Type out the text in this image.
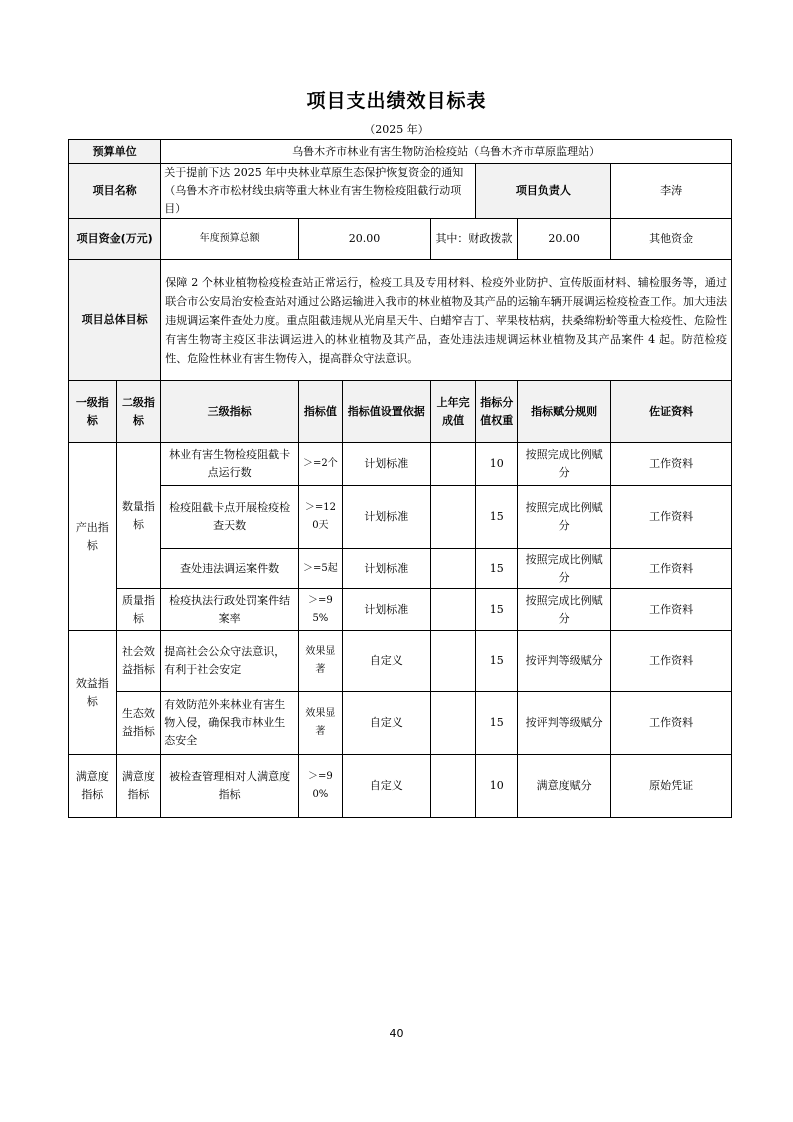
项目支出绩效目标表
（2025 年）
预算单位		乌鲁木齐市林业有害生物防治检疫站（乌鲁木齐市草原监理站）						
项目名称		关于提前下达 2025 年中央林业草原生态保护恢复资金的通知（乌鲁木齐市松材线虫病等重大林业有害生物检疫阻截行动项目）				项目负责人		李涛
项目资金(万元)		年度预算总额	20.00		其中：财政拨款		20.00	其他资金
项目总体目标		保障 2 个林业植物检疫检查站正常运行，检疫工具及专用材料、检疫外业防护、宣传版面材料、辅检服务等，通过联合市公安局治安检查站对通过公路运输进入我市的林业植物及其产品的运输车辆开展调运检疫检查工作。加大违法违规调运案件查处力度。重点阻截违规从光肩星天牛、白蜡窄吉丁、苹果枝枯病，扶桑绵粉蚧等重大检疫性、危险性有害生物寄主疫区非法调运进入的林业植物及其产品，查处违法违规调运林业植物及其产品案件 4 起。防范检疫性、危险性林业有害生物传入，提高群众守法意识。						
一级指标	二级指标	三级指标	指标值	指标值设置依据	上年完成值	指标分值权重	指标赋分规则	佐证资料
产出指标	数量指标	林业有害生物检疫阻截卡点运行数	＞=2个	计划标准		10	按照完成比例赋分	工作资料
		检疫阻截卡点开展检疫检查天数	＞=120天	计划标准		15	按照完成比例赋分	工作资料
		查处违法调运案件数	＞=5起	计划标准		15	按照完成比例赋分	工作资料
	质量指标	检疫执法行政处罚案件结案率	＞=95%	计划标准		15	按照完成比例赋分	工作资料
效益指标	社会效益指标	提高社会公众守法意识，有利于社会安定	效果显著	自定义		15	按评判等级赋分	工作资料
	生态效益指标	有效防范外来林业有害生物入侵，确保我市林业生态安全	效果显著	自定义		15	按评判等级赋分	工作资料
满意度指标	满意度指标	被检查管理相对人满意度指标	＞=90%	自定义		10	满意度赋分	原始凭证
40
